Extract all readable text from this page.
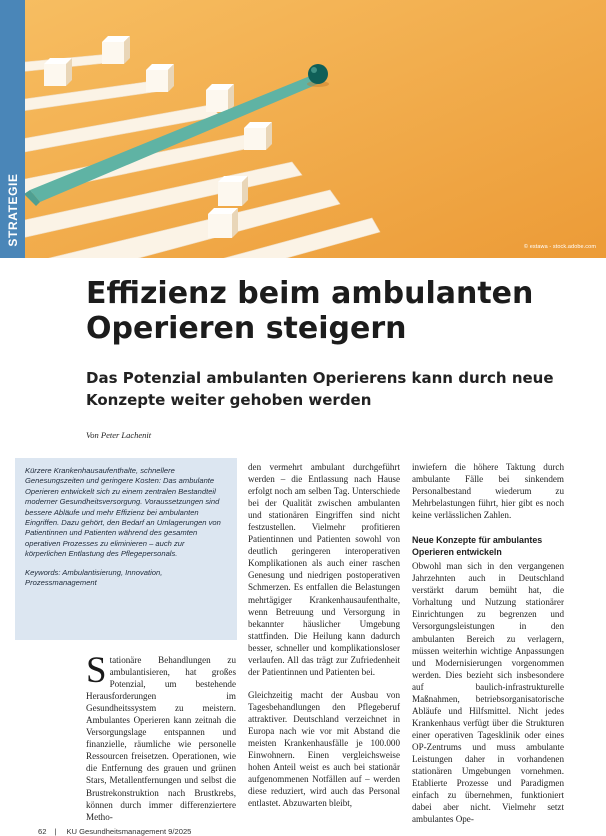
STRATEGIE
© estawa - stock.adobe.com
Effizienz beim ambulanten Operieren steigern
Das Potenzial ambulanten Operierens kann durch neue Konzepte weiter gehoben werden
Von Peter Lachenit

Kürzere Krankenhausaufenthalte, schnellere Genesungszeiten und geringere Kosten: Das ambulante Operieren entwickelt sich zu einem zentralen Bestandteil moderner Gesundheitsversorgung. Voraussetzungen sind bessere Abläufe und mehr Effizienz bei ambulanten Eingriffen. Dazu gehört, den Bedarf an Umlagerungen von Patientinnen und Patienten während des gesamten operativen Prozesses zu eliminieren – auch zur körperlichen Entlastung des Pflegepersonals.

Keywords: Ambulantisierung, Innovation, Prozessmanagement

Stationäre Behandlungen zu ambulantisieren, hat großes Potenzial, um bestehende Herausforderungen im Gesundheitssystem zu meistern. Ambulantes Operieren kann zeitnah die Versorgungslage entspannen und finanzielle, räumliche wie personelle Ressourcen freisetzen. Operationen, wie die Entfernung des grauen und grünen Stars, Metallentfernungen und selbst die Brustrekonstruktion nach Brustkrebs, können durch immer differenziertere Metho-

den vermehrt ambulant durchgeführt werden – die Entlassung nach Hause erfolgt noch am selben Tag. Unterschiede bei der Qualität zwischen ambulanten und stationären Eingriffen sind nicht festzustellen. Vielmehr profitieren Patientinnen und Patienten sowohl von deutlich geringeren interoperativen Komplikationen als auch einer raschen Genesung und niedrigen postoperativen Schmerzen. Es entfallen die Belastungen mehrtägiger Krankenhausaufenthalte, wenn Betreuung und Versorgung in bekannter häuslicher Umgebung stattfinden. Die Heilung kann dadurch besser, schneller und komplikationsloser verlaufen. All das trägt zur Zufriedenheit der Patientinnen und Patienten bei.

Gleichzeitig macht der Ausbau von Tagesbehandlungen den Pflegeberuf attraktiver. Deutschland verzeichnet in Europa nach wie vor mit Abstand die meisten Krankenhausfälle je 100.000 Einwohnern. Einen vergleichsweise hohen Anteil weist es auch bei stationär aufgenommenen Notfällen auf – werden diese reduziert, wird auch das Personal entlastet. Abzuwarten bleibt,

inwiefern die höhere Taktung durch ambulante Fälle bei sinkendem Personalbestand wiederum zu Mehrbelastungen führt, hier gibt es noch keine verlässlichen Zahlen.

Neue Konzepte für ambulantes Operieren entwickeln

Obwohl man sich in den vergangenen Jahrzehnten auch in Deutschland verstärkt darum bemüht hat, die Vorhaltung und Nutzung stationärer Einrichtungen zu begrenzen und Versorgungsleistungen in den ambulanten Bereich zu verlagern, müssen weiterhin wichtige Anpassungen und Modernisierungen vorgenommen werden. Dies bezieht sich insbesondere auf baulich-infrastrukturelle Maßnahmen, betriebsorganisatorische Abläufe und Hilfsmittel. Nicht jedes Krankenhaus verfügt über die Strukturen einer operativen Tagesklinik oder eines OP-Zentrums und muss ambulante Leistungen daher in vorhandenen stationären Umgebungen vornehmen. Etablierte Prozesse und Paradigmen einfach zu übernehmen, funktioniert dabei aber nicht. Vielmehr setzt ambulantes Ope-

62 | KU Gesundheitsmanagement 9/2025
